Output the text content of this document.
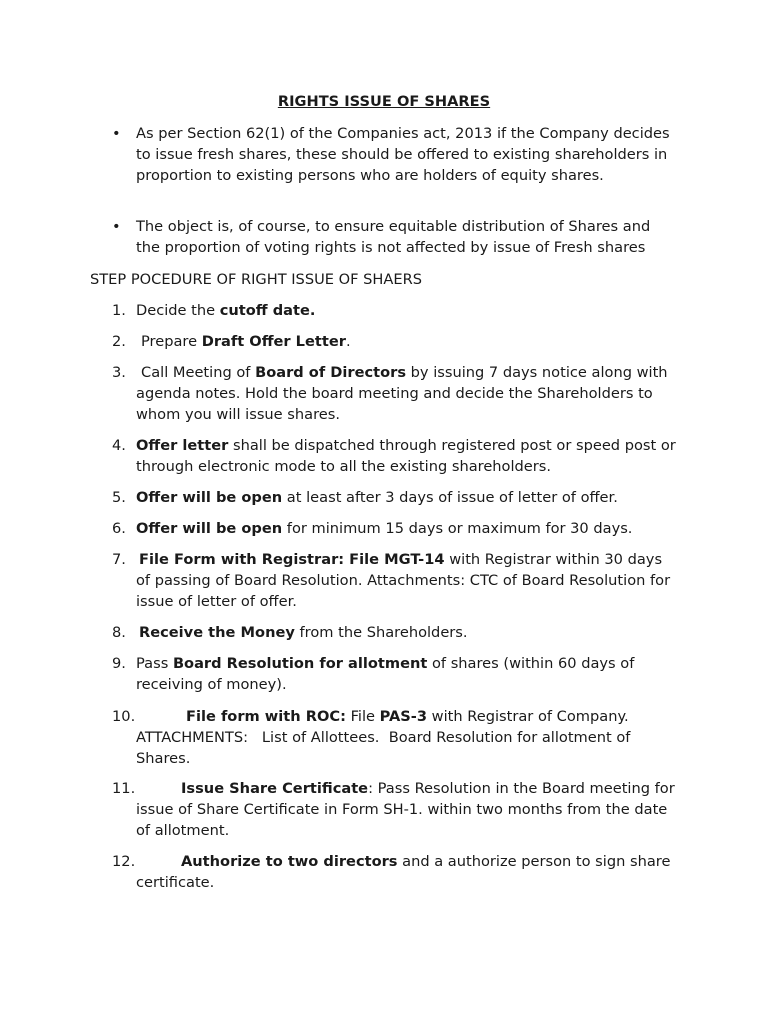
RIGHTS ISSUE OF SHARES
• As per Section 62(1) of the Companies act, 2013 if the Company decides to issue fresh shares, these should be offered to existing shareholders in proportion to existing persons who are holders of equity shares.
• The object is, of course, to ensure equitable distribution of Shares and the proportion of voting rights is not affected by issue of Fresh shares
STEP POCEDURE OF RIGHT ISSUE OF SHAERS
1. Decide the cutoff date.
2.	Prepare Draft Offer Letter.
3.	Call Meeting of Board of Directors by issuing 7 days notice along with agenda notes. Hold the board meeting and decide the Shareholders to whom you will issue shares.
4. Offer letter shall be dispatched through registered post or speed post or through electronic mode to all the existing shareholders.
5. Offer will be open at least after 3 days of issue of letter of offer.
6. Offer will be open for minimum 15 days or maximum for 30 days.
7. File Form with Registrar: File MGT-14 with Registrar within 30 days of passing of Board Resolution. Attachments: CTC of Board Resolution for issue of letter of offer.
8. Receive the Money from the Shareholders.
9. Pass Board Resolution for allotment of shares (within 60 days of receiving of money).
10.	File form with ROC: File PAS-3 with Registrar of Company. ATTACHMENTS:   List of Allottees.  Board Resolution for allotment of Shares.
11.	Issue Share Certificate: Pass Resolution in the Board meeting for issue of Share Certificate in Form SH-1. within two months from the date of allotment.
12.	Authorize to two directors and a authorize person to sign share certificate.
